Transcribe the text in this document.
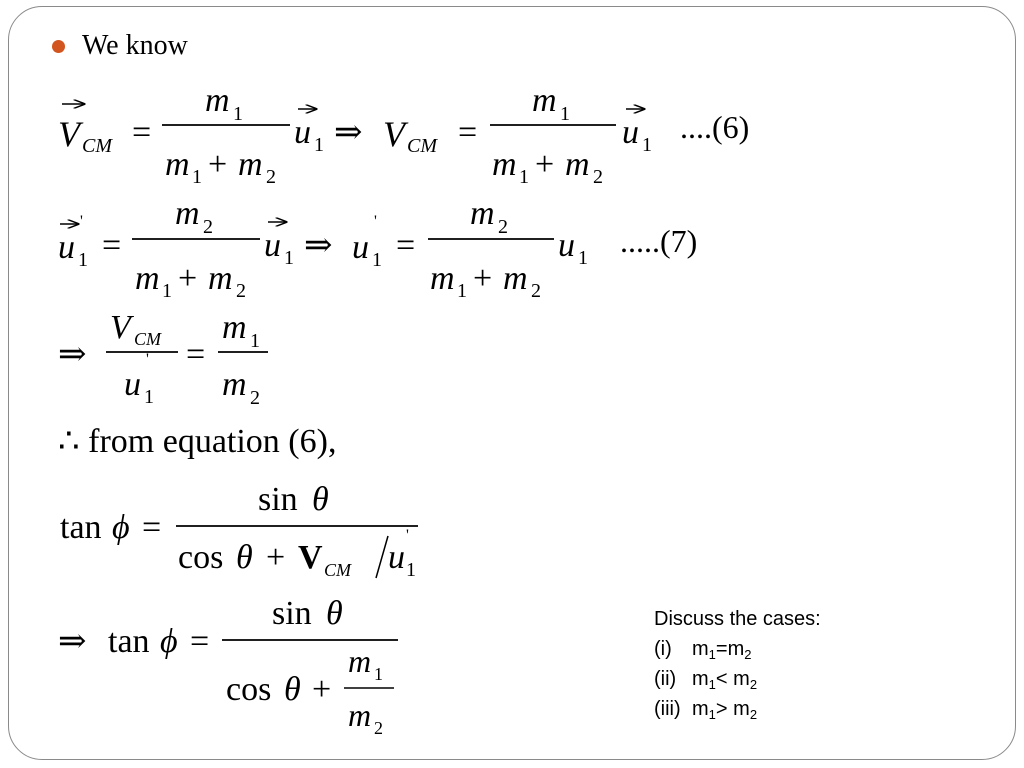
We know
V CM =
m 1
m 1 + m 2
u 1 ⇒ V CM =
m 1
m 1 + m 2
u 1 ....(6)
u 1
'
=
m 2
m 1 + m 2
u 1 ⇒ u 1
'
=
m 2
m 1 + m 2
u 1 .....(7)
⇒
V CM
u 1
' =
m 1
m 2
∴ from equation (6),
tan ϕ =
sin θ
cos θ + V CM u 1
'
⇒ tan ϕ =
sin θ
cos θ +
m 1
m 2
Discuss the cases:
(i)	$m_1=m_2$
(ii) $m_1< m_2$
(iii) $m_1> m_2$
